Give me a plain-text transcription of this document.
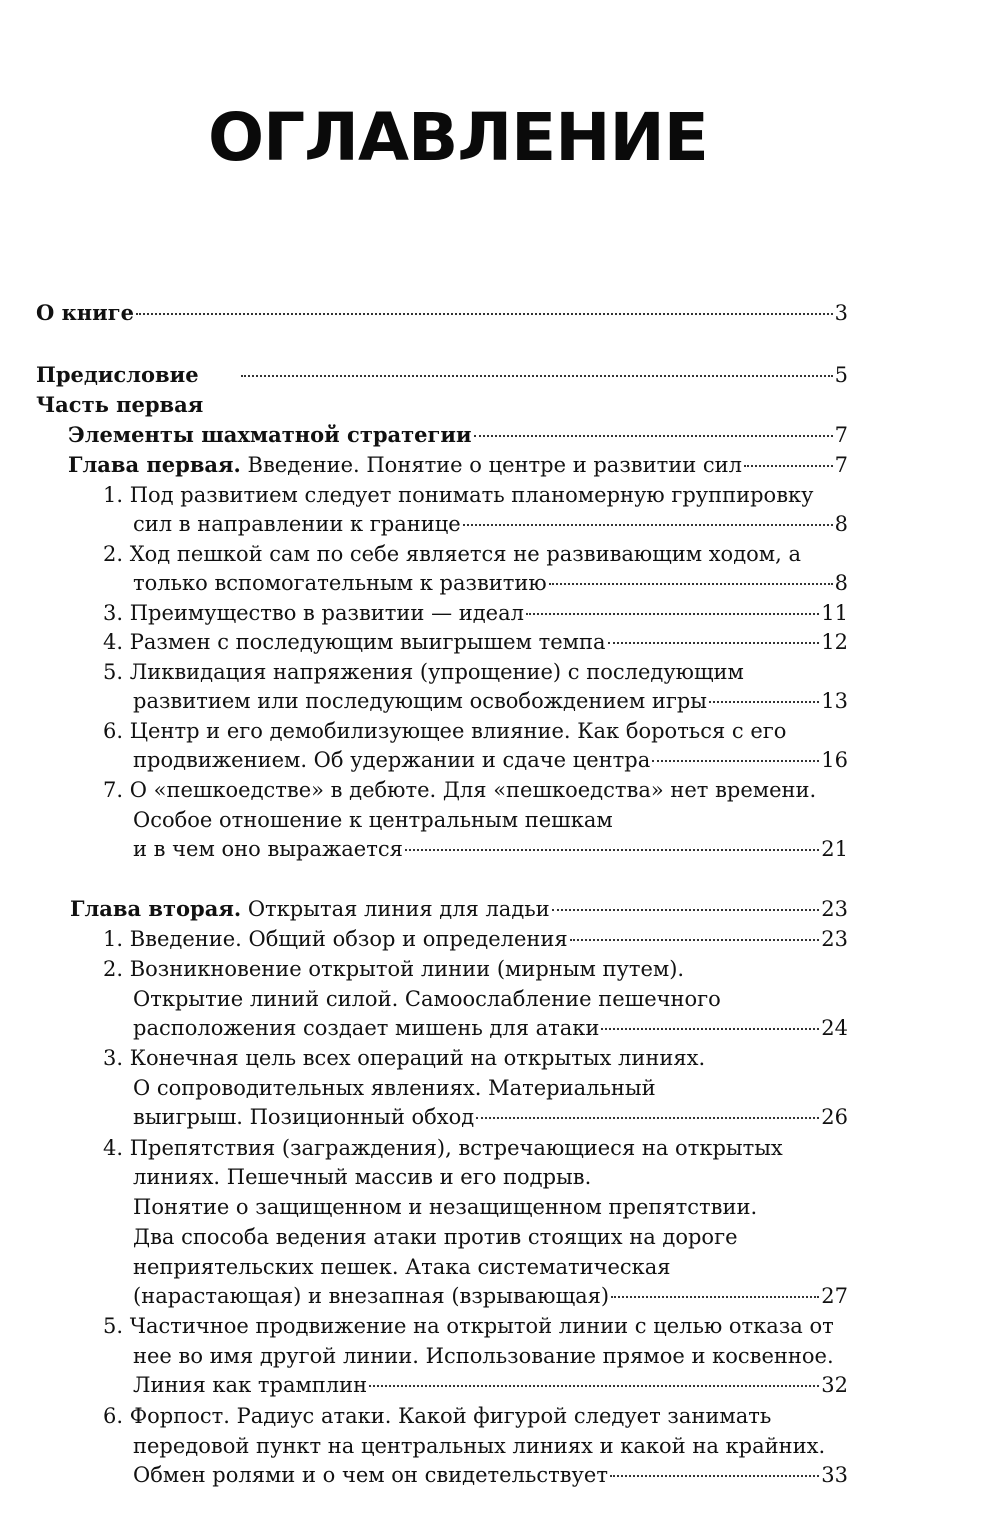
ОГЛАВЛЕНИЕ
О книге	3
Предисловие	5
Часть первая
Элементы шахматной стратегии	7
Глава первая. Введение. Понятие о центре и развитии сил	7
1. Под развитием следует понимать планомерную группировку
сил в направлении к границе	8
2. Ход пешкой сам по себе является не развивающим ходом, а
только вспомогательным к развитию	8
3. Преимущество в развитии — идеал	11
4. Размен с последующим выигрышем темпа	12
5. Ликвидация напряжения (упрощение) с последующим
развитием или последующим освобождением игры	13
6. Центр и его демобилизующее влияние. Как бороться с его
продвижением. Об удержании и сдаче центра	16
7. О «пешкоедстве» в дебюте. Для «пешкоедства» нет времени.
Особое отношение к центральным пешкам
и в чем оно выражается	21
Глава вторая. Открытая линия для ладьи	23
1. Введение. Общий обзор и определения	23
2. Возникновение открытой линии (мирным путем).
Открытие линий силой. Самоослабление пешечного
расположения создает мишень для атаки	24
3. Конечная цель всех операций на открытых линиях.
О сопроводительных явлениях. Материальный
выигрыш. Позиционный обход	26
4. Препятствия (заграждения), встречающиеся на открытых
линиях. Пешечный массив и его подрыв.
Понятие о защищенном и незащищенном препятствии.
Два способа ведения атаки против стоящих на дороге
неприятельских пешек. Атака систематическая
(нарастающая) и внезапная (взрывающая)	27
5. Частичное продвижение на открытой линии с целью отказа от
нее во имя другой линии. Использование прямое и косвенное.
Линия как трамплин	32
6. Форпост. Радиус атаки. Какой фигурой следует занимать
передовой пункт на центральных линиях и какой на крайних.
Обмен ролями и о чем он свидетельствует	33
